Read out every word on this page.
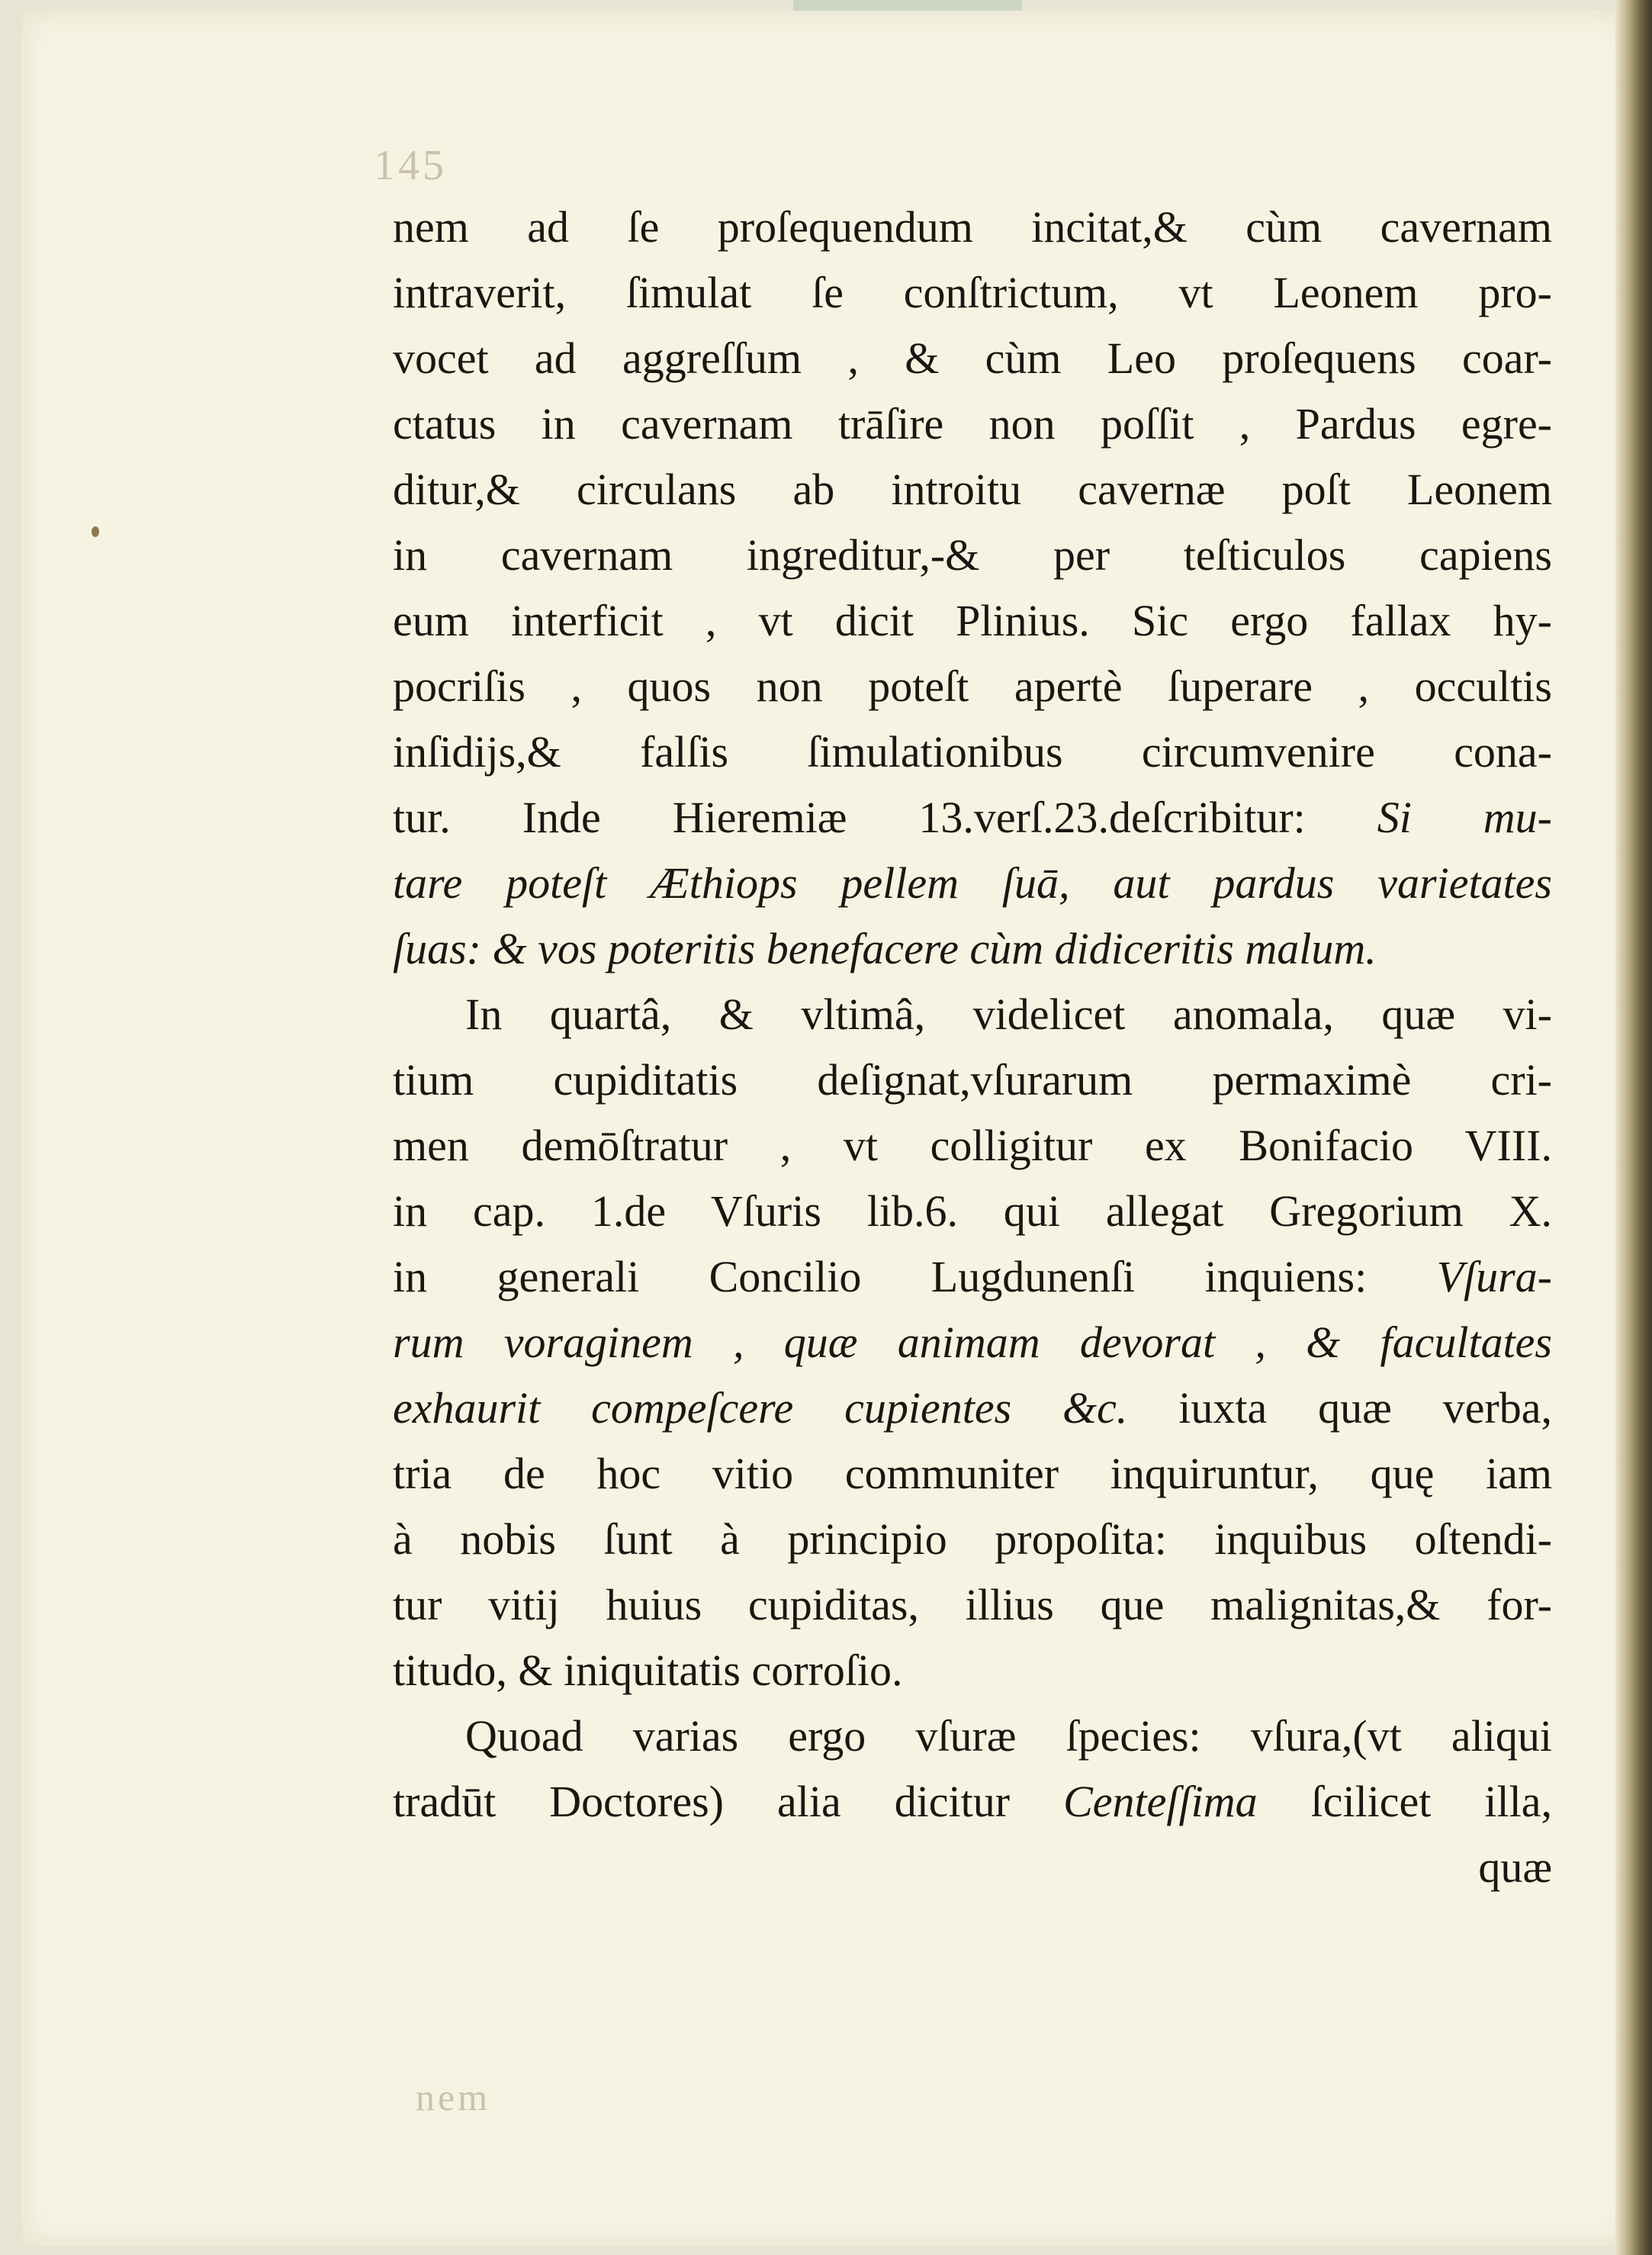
145
nem
nem ad ſe proſequendum incitat,& cùm cavernam
intraverit, ſimulat ſe conſtrictum, vt Leonem pro-
vocet ad aggreſſum , & cùm Leo proſequens coar-
ctatus in cavernam trāſire non poſſit , Pardus egre-
ditur,& circulans ab introitu cavernæ poſt Leonem
in cavernam ingreditur,-& per teſticulos capiens
eum interficit , vt dicit Plinius. Sic ergo fallax hy-
pocriſis , quos non poteſt apertè ſuperare , occultis
inſidijs,& falſis ſimulationibus circumvenire cona-
tur. Inde Hieremiæ 13.verſ.23.deſcribitur: Si mu-
tare poteſt Æthiops pellem ſuā, aut pardus varietates
ſuas: & vos poteritis benefacere cùm didiceritis malum.
In quartâ, & vltimâ, videlicet anomala, quæ vi-
tium cupiditatis deſignat,vſurarum permaximè cri-
men demōſtratur , vt colligitur ex Bonifacio VIII.
in cap. 1.de Vſuris lib.6. qui allegat Gregorium X.
in generali Concilio Lugdunenſi inquiens: Vſura-
rum voraginem , quæ animam devorat , & facultates
exhaurit compeſcere cupientes &c. iuxta quæ verba,
tria de hoc vitio communiter inquiruntur, quę iam
à nobis ſunt à principio propoſita: inquibus oſtendi-
tur vitij huius cupiditas, illius que malignitas,& for-
titudo, & iniquitatis corroſio.
Quoad varias ergo vſuræ ſpecies: vſura,(vt aliqui
tradūt Doctores) alia dicitur Centeſſima ſcilicet illa,
quæ
